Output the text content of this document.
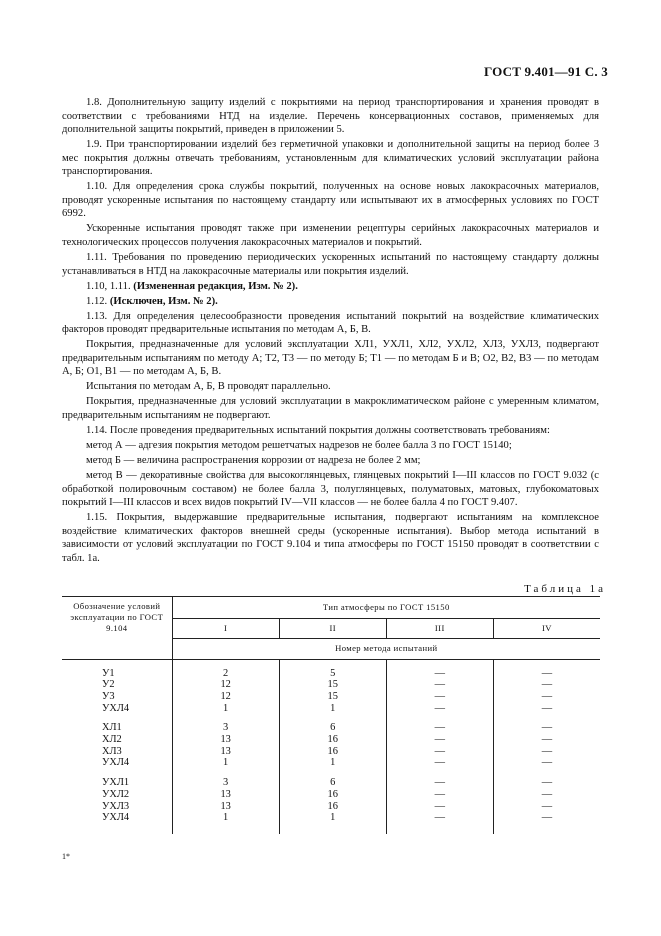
ГОСТ 9.401—91 С. 3

1.8. Дополнительную защиту изделий с покрытиями на период транспортирования и хранения проводят в соответствии с требованиями НТД на изделие. Перечень консервационных составов, применяемых для дополнительной защиты покрытий, приведен в приложении 5.

1.9. При транспортировании изделий без герметичной упаковки и дополнительной защиты на период более 3 мес покрытия должны отвечать требованиям, установленным для климатических условий эксплуатации района транспортирования.

1.10. Для определения срока службы покрытий, полученных на основе новых лакокрасочных материалов, проводят ускоренные испытания по настоящему стандарту или испытывают их в атмосферных условиях по ГОСТ 6992.

Ускоренные испытания проводят также при изменении рецептуры серийных лакокрасочных материалов и технологических процессов получения лакокрасочных материалов и покрытий.

1.11. Требования по проведению периодических ускоренных испытаний по настоящему стандарту должны устанавливаться в НТД на лакокрасочные материалы или покрытия изделий.

1.10, 1.11. (Измененная редакция, Изм. № 2).

1.12. (Исключен, Изм. № 2).

1.13. Для определения целесообразности проведения испытаний покрытий на воздействие климатических факторов проводят предварительные испытания по методам А, Б, В.

Покрытия, предназначенные для условий эксплуатации ХЛ1, УХЛ1, ХЛ2, УХЛ2, ХЛ3, УХЛ3, подвергают предварительным испытаниям по методу А; Т2, Т3 — по методу Б; Т1 — по методам Б и В; О2, В2, В3 — по методам А, Б; О1, В1 — по методам А, Б, В.

Испытания по методам А, Б, В проводят параллельно.

Покрытия, предназначенные для условий эксплуатации в макроклиматическом районе с умеренным климатом, предварительным испытаниям не подвергают.

1.14. После проведения предварительных испытаний покрытия должны соответствовать требованиям:

метод А — адгезия покрытия методом решетчатых надрезов не более балла 3 по ГОСТ 15140;

метод Б — величина распространения коррозии от надреза не более 2 мм;

метод В — декоративные свойства для высокоглянцевых, глянцевых покрытий I—III классов по ГОСТ 9.032 (с обработкой полировочным составом) не более балла 3, полуглянцевых, полуматовых, матовых, глубокоматовых покрытий I—III классов и всех видов покрытий IV—VII классов — не более балла 4 по ГОСТ 9.407.

1.15. Покрытия, выдержавшие предварительные испытания, подвергают испытаниям на комплексное воздействие климатических факторов внешней среды (ускоренные испытания). Выбор метода испытаний в зависимости от условий эксплуатации по ГОСТ 9.104 и типа атмосферы по ГОСТ 15150 проводят в соответствии с табл. 1а.

Таблица 1а
Обозначение условий эксплуатации по ГОСТ 9.104	Тип атмосферы по ГОСТ 15150			
	I	II	III	IV
	Номер метода испытаний			

У1	2	5	—	—
У2	12	15	—	—
У3	12	15	—	—
УХЛ4	1	1	—	—

ХЛ1	3	6	—	—
ХЛ2	13	16	—	—
ХЛ3	13	16	—	—
УХЛ4	1	1	—	—

УХЛ1	3	6	—	—
УХЛ2	13	16	—	—
УХЛ3	13	16	—	—
УХЛ4	1	1	—	—

1*
